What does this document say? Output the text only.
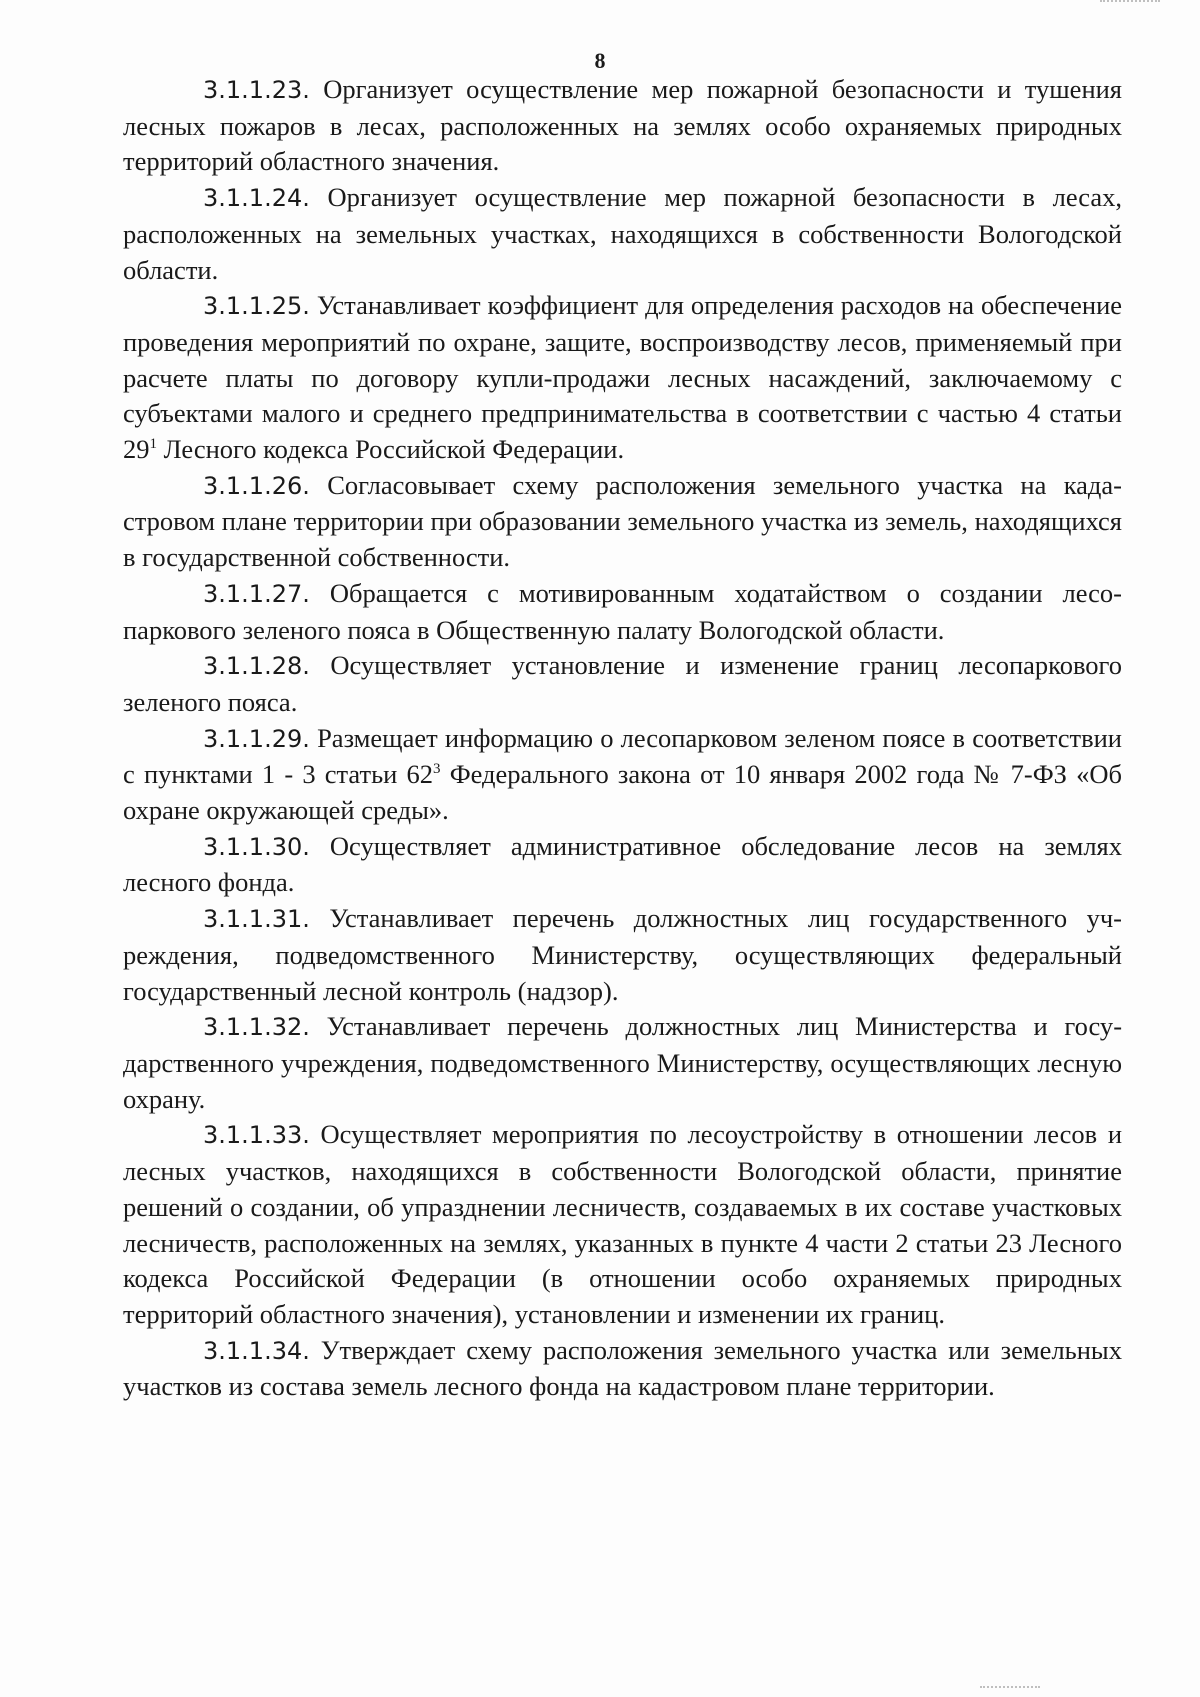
8

3.1.1.23. Организует осуществление мер пожарной безопасности и тушения лесных пожаров в лесах, расположенных на землях особо охраняемых природных территорий областного значения.

3.1.1.24. Организует осуществление мер пожарной безопасности в лесах, расположенных на земельных участках, находящихся в собственности Вологодской области.

3.1.1.25. Устанавливает коэффициент для определения расходов на обеспечение проведения мероприятий по охране, защите, воспроизводству лесов, применяемый при расчете платы по договору купли-продажи лесных насаждений, заключаемому с субъектами малого и среднего предпринимательства в соответствии с частью 4 статьи $29^1$ Лесного кодекса Российской Федерации.

3.1.1.26. Согласовывает схему расположения земельного участка на кадастровом плане территории при образовании земельного участка из земель, находящихся в государственной собственности.

3.1.1.27. Обращается с мотивированным ходатайством о создании лесопаркового зеленого пояса в Общественную палату Вологодской области.

3.1.1.28. Осуществляет установление и изменение границ лесопаркового зеленого пояса.

3.1.1.29. Размещает информацию о лесопарковом зеленом поясе в соответствии с пунктами 1 - 3 статьи $62^3$ Федерального закона от 10 января 2002 года № 7-ФЗ «Об охране окружающей среды».

3.1.1.30. Осуществляет административное обследование лесов на землях лесного фонда.

3.1.1.31. Устанавливает перечень должностных лиц государственного учреждения, подведомственного Министерству, осуществляющих федеральный государственный лесной контроль (надзор).

3.1.1.32. Устанавливает перечень должностных лиц Министерства и государственного учреждения, подведомственного Министерству, осуществляющих лесную охрану.

3.1.1.33. Осуществляет мероприятия по лесоустройству в отношении лесов и лесных участков, находящихся в собственности Вологодской области, принятие решений о создании, об упразднении лесничеств, создаваемых в их составе участковых лесничеств, расположенных на землях, указанных в пункте 4 части 2 статьи 23 Лесного кодекса Российской Федерации (в отношении особо охраняемых природных территорий областного значения), установлении и изменении их границ.

3.1.1.34. Утверждает схему расположения земельного участка или земельных участков из состава земель лесного фонда на кадастровом плане территории.
